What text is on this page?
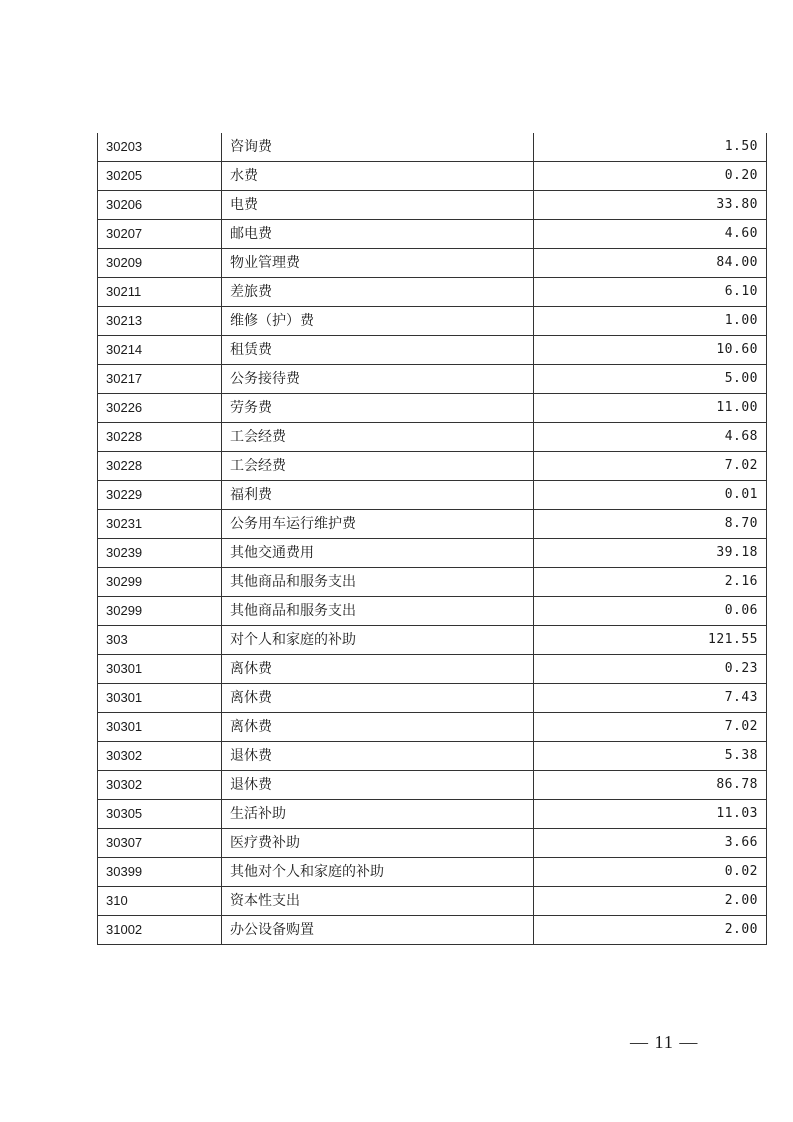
30203	咨询费	1.50
30205	水费	0.20
30206	电费	33.80
30207	邮电费	4.60
30209	物业管理费	84.00
30211	差旅费	6.10
30213	维修（护）费	1.00
30214	租赁费	10.60
30217	公务接待费	5.00
30226	劳务费	11.00
30228	工会经费	4.68
30228	工会经费	7.02
30229	福利费	0.01
30231	公务用车运行维护费	8.70
30239	其他交通费用	39.18
30299	其他商品和服务支出	2.16
30299	其他商品和服务支出	0.06
303	对个人和家庭的补助	121.55
30301	离休费	0.23
30301	离休费	7.43
30301	离休费	7.02
30302	退休费	5.38
30302	退休费	86.78
30305	生活补助	11.03
30307	医疗费补助	3.66
30399	其他对个人和家庭的补助	0.02
310	资本性支出	2.00
31002	办公设备购置	2.00
— 11 —
